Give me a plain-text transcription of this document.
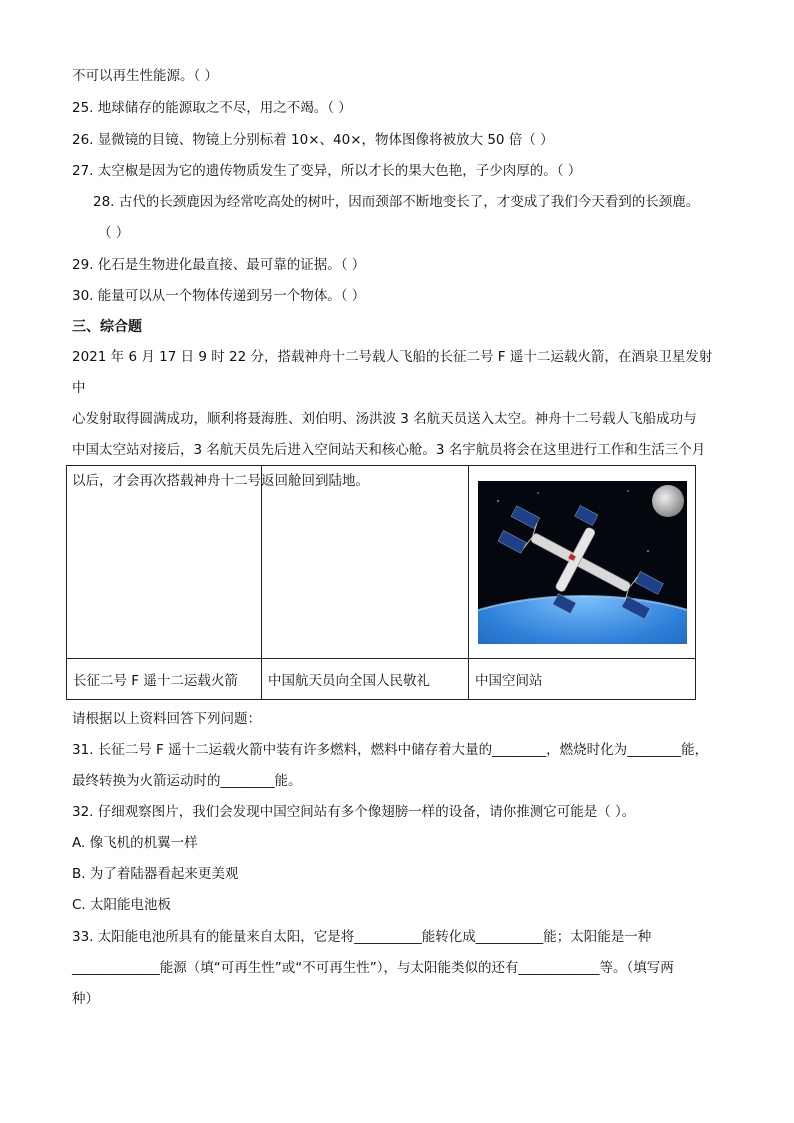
不可以再生性能源。（ ）
25. 地球储存的能源取之不尽，用之不竭。（ ）
26. 显微镜的目镜、物镜上分别标着 10×、40×，物体图像将被放大 50 倍（ ）
27. 太空椒是因为它的遗传物质发生了变异，所以才长的果大色艳，子少肉厚的。（ ）
28. 古代的长颈鹿因为经常吃高处的树叶，因而颈部不断地变长了，才变成了我们今天看到的长颈鹿。
（ ）
29. 化石是生物进化最直接、最可靠的证据。（ ）
30. 能量可以从一个物体传递到另一个物体。（ ）
三、综合题

2021 年 6 月 17 日 9 时 22 分，搭载神舟十二号载人飞船的长征二号 F 遥十二运载火箭，在酒泉卫星发射中

心发射取得圆满成功，顺利将聂海胜、刘伯明、汤洪波 3 名航天员送入太空。神舟十二号载人飞船成功与

中国太空站对接后，3 名航天员先后进入空间站天和核心舱。3 名宇航员将会在这里进行工作和生活三个月

以后，才会再次搭载神舟十二号返回舱回到陆地。

长征二号 F 遥十二运载火箭	中国航天员向全国人民敬礼	中国空间站
请根据以上资料回答下列问题：
31. 长征二号 F 遥十二运载火箭中装有许多燃料，燃料中储存着大量的________，燃烧时化为________能，
最终转换为火箭运动时的________能。
32. 仔细观察图片，我们会发现中国空间站有多个像翅膀一样的设备，请你推测它可能是（ ）。
A. 像飞机的机翼一样
B. 为了着陆器看起来更美观
C. 太阳能电池板
33. 太阳能电池所具有的能量来自太阳，它是将__________能转化成__________能；太阳能是一种
_____________能源（填“可再生性”或“不可再生性”），与太阳能类似的还有____________等。（填写两
种）
